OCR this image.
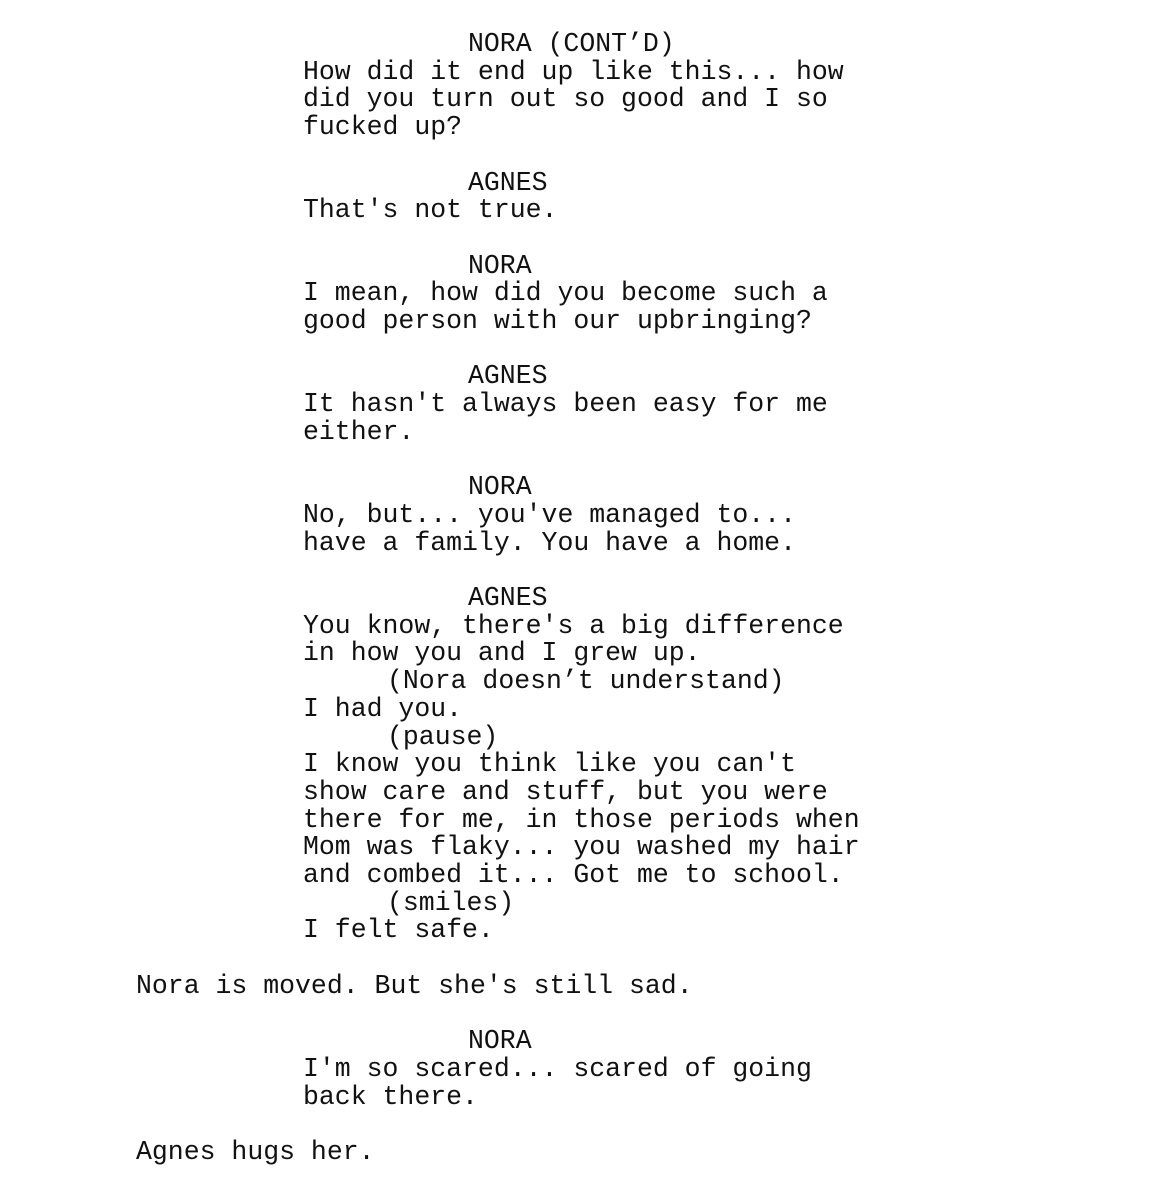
NORA (CONT’D)
How did it end up like this... how
did you turn out so good and I so
fucked up?
AGNES
That's not true.
NORA
I mean, how did you become such a
good person with our upbringing?
AGNES
It hasn't always been easy for me
either.
NORA
No, but... you've managed to...
have a family. You have a home.
AGNES
You know, there's a big difference
in how you and I grew up.
(Nora doesn’t understand)
I had you.
(pause)
I know you think like you can't
show care and stuff, but you were
there for me, in those periods when
Mom was flaky... you washed my hair
and combed it... Got me to school.
(smiles)
I felt safe.
Nora is moved. But she's still sad.
NORA
I'm so scared... scared of going
back there.
Agnes hugs her.
